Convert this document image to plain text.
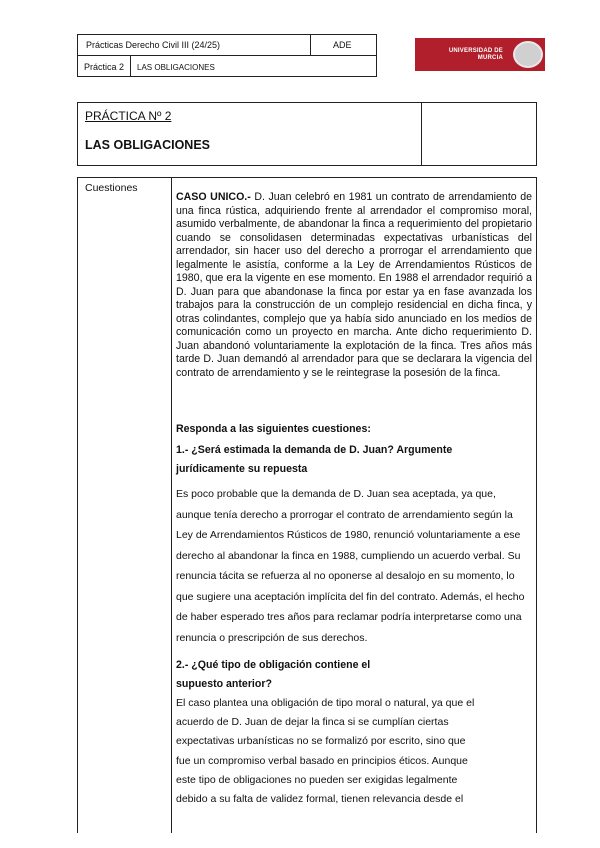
Prácticas Derecho Civil III (24/25)	ADE
Práctica 2 LAS OBLIGACIONES
UNIVERSIDAD DE
MURCIA
PRÁCTICA Nº 2
LAS OBLIGACIONES
Cuestiones
CASO UNICO.- D. Juan celebró en 1981 un contrato de arrendamiento de una finca rústica, adquiriendo frente al arrendador el compromiso moral, asumido verbalmente, de abandonar la finca a requerimiento del propietario cuando se consolidasen determinadas expectativas urbanísticas del arrendador, sin hacer uso del derecho a prorrogar el arrendamiento que legalmente le asistía, conforme a la Ley de Arrendamientos Rústicos de 1980, que era la vigente en ese momento. En 1988 el arrendador requirió a D. Juan para que abandonase la finca por estar ya en fase avanzada los trabajos para la construcción de un complejo residencial en dicha finca, y otras colindantes, complejo que ya había sido anunciado en los medios de comunicación como un proyecto en marcha. Ante dicho requerimiento D. Juan abandonó voluntariamente la explotación de la finca. Tres años más tarde D. Juan demandó al arrendador para que se declarara la vigencia del contrato de arrendamiento y se le reintegrase la posesión de la finca.
Responda a las siguientes cuestiones:
1.- ¿Será estimada la demanda de D. Juan? Argumente jurídicamente su repuesta
Es poco probable que la demanda de D. Juan sea aceptada, ya que, aunque tenía derecho a prorrogar el contrato de arrendamiento según la Ley de Arrendamientos Rústicos de 1980, renunció voluntariamente a ese derecho al abandonar la finca en 1988, cumpliendo un acuerdo verbal. Su renuncia tácita se refuerza al no oponerse al desalojo en su momento, lo que sugiere una aceptación implícita del fin del contrato. Además, el hecho de haber esperado tres años para reclamar podría interpretarse como una renuncia o prescripción de sus derechos.
2.- ¿Qué tipo de obligación contiene el supuesto anterior?
El caso plantea una obligación de tipo moral o natural, ya que el acuerdo de D. Juan de dejar la finca si se cumplían ciertas expectativas urbanísticas no se formalizó por escrito, sino que fue un compromiso verbal basado en principios éticos. Aunque este tipo de obligaciones no pueden ser exigidas legalmente debido a su falta de validez formal, tienen relevancia desde el
